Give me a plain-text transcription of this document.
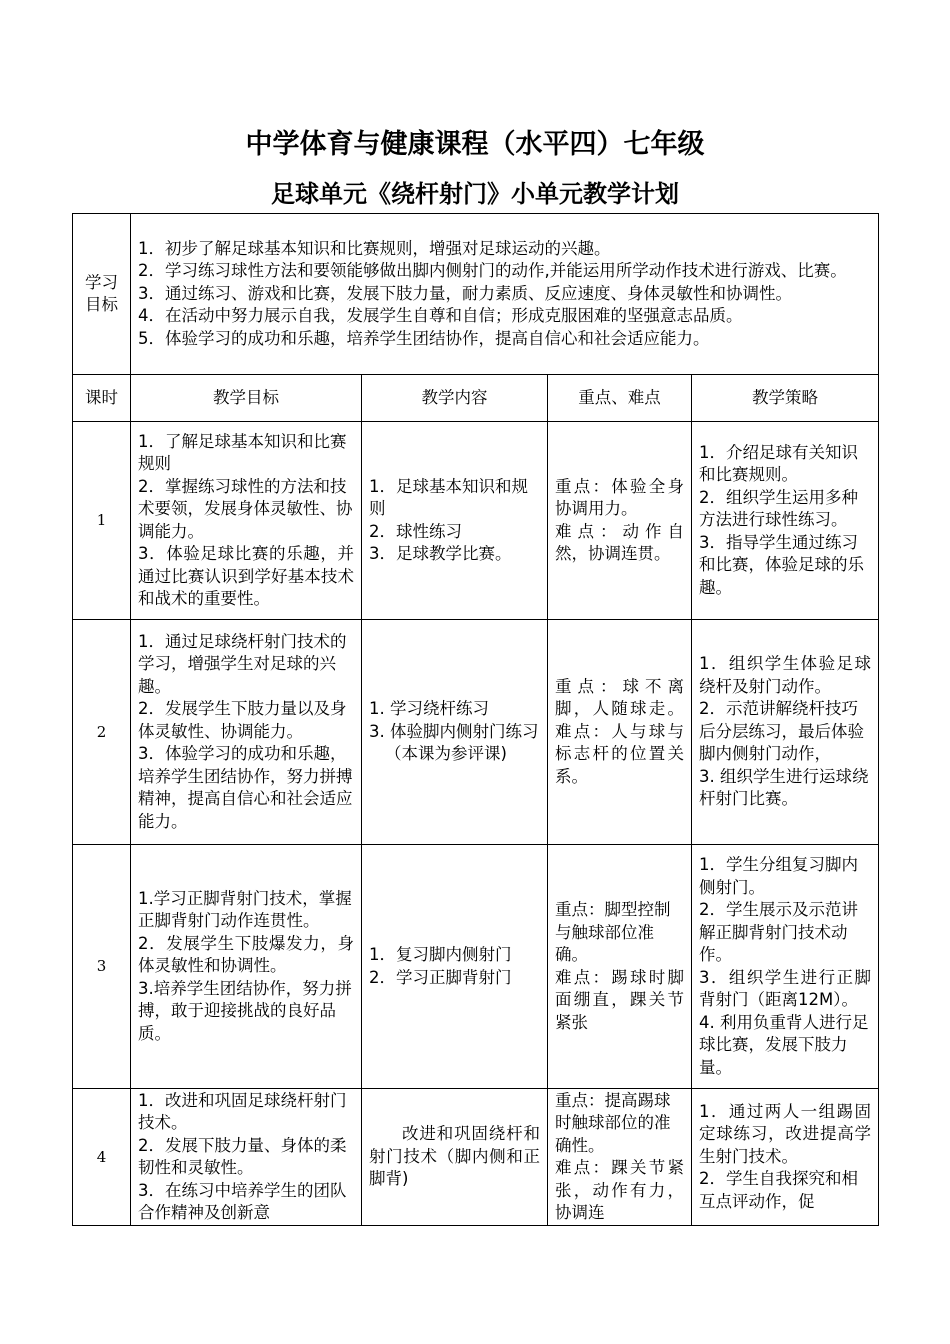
中学体育与健康课程（水平四）七年级
足球单元《绕杆射门》小单元教学计划
学习目标	1．初步了解足球基本知识和比赛规则，增强对足球运动的兴趣。
2．学习练习球性方法和要领能够做出脚内侧射门的动作,并能运用所学动作技术进行游戏、比赛。
3．通过练习、游戏和比赛，发展下肢力量，耐力素质、反应速度、身体灵敏性和协调性。
4．在活动中努力展示自我，发展学生自尊和自信；形成克服困难的坚强意志品质。
5．体验学习的成功和乐趣，培养学生团结协作，提高自信心和社会适应能力。			

课时	教学目标	教学内容	重点、难点	教学策略
1	1．了解足球基本知识和比赛规则
2．掌握练习球性的方法和技术要领，发展身体灵敏性、协调能力。
3．体验足球比赛的乐趣，并通过比赛认识到学好基本技术和战术的重要性。	1．足球基本知识和规则
2．球性练习
3．足球教学比赛。	重点：体验全身协调用力。
难点：动作自然，协调连贯。	1．介绍足球有关知识和比赛规则。
2．组织学生运用多种方法进行球性练习。
3．指导学生通过练习和比赛，体验足球的乐趣。

2	1．通过足球绕杆射门技术的学习，增强学生对足球的兴趣。
2．发展学生下肢力量以及身体灵敏性、协调能力。
3．体验学习的成功和乐趣，培养学生团结协作，努力拼搏精神，提高自信心和社会适应能力。	1. 学习绕杆练习
3. 体验脚内侧射门练习
（本课为参评课)	重点：球不离脚，人随球走。难点：人与球与标志杆的位置关系。	1．组织学生体验足球绕杆及射门动作。
2．示范讲解绕杆技巧后分层练习，最后体验脚内侧射门动作，
3. 组织学生进行运球绕杆射门比赛。

3	1.学习正脚背射门技术，掌握正脚背射门动作连贯性。
2．发展学生下肢爆发力，身体灵敏性和协调性。
3.培养学生团结协作，努力拼搏，敢于迎接挑战的良好品质。	1．复习脚内侧射门
2．学习正脚背射门	重点：脚型控制与触球部位准确。
难点：踢球时脚面绷直，踝关节紧张	1．学生分组复习脚内侧射门。
2．学生展示及示范讲解正脚背射门技术动作。
3．组织学生进行正脚背射门（距离12M）。
4. 利用负重背人进行足球比赛，发展下肢力量。

4	1．改进和巩固足球绕杆射门技术。
2．发展下肢力量、身体的柔韧性和灵敏性。
3．在练习中培养学生的团队合作精神及创新意	改进和巩固绕杆和射门技术（脚内侧和正脚背)	重点：提高踢球时触球部位的准确性。
难点：踝关节紧张，动作有力，协调连	1．通过两人一组踢固定球练习，改进提高学生射门技术。
2．学生自我探究和相互点评动作，促
